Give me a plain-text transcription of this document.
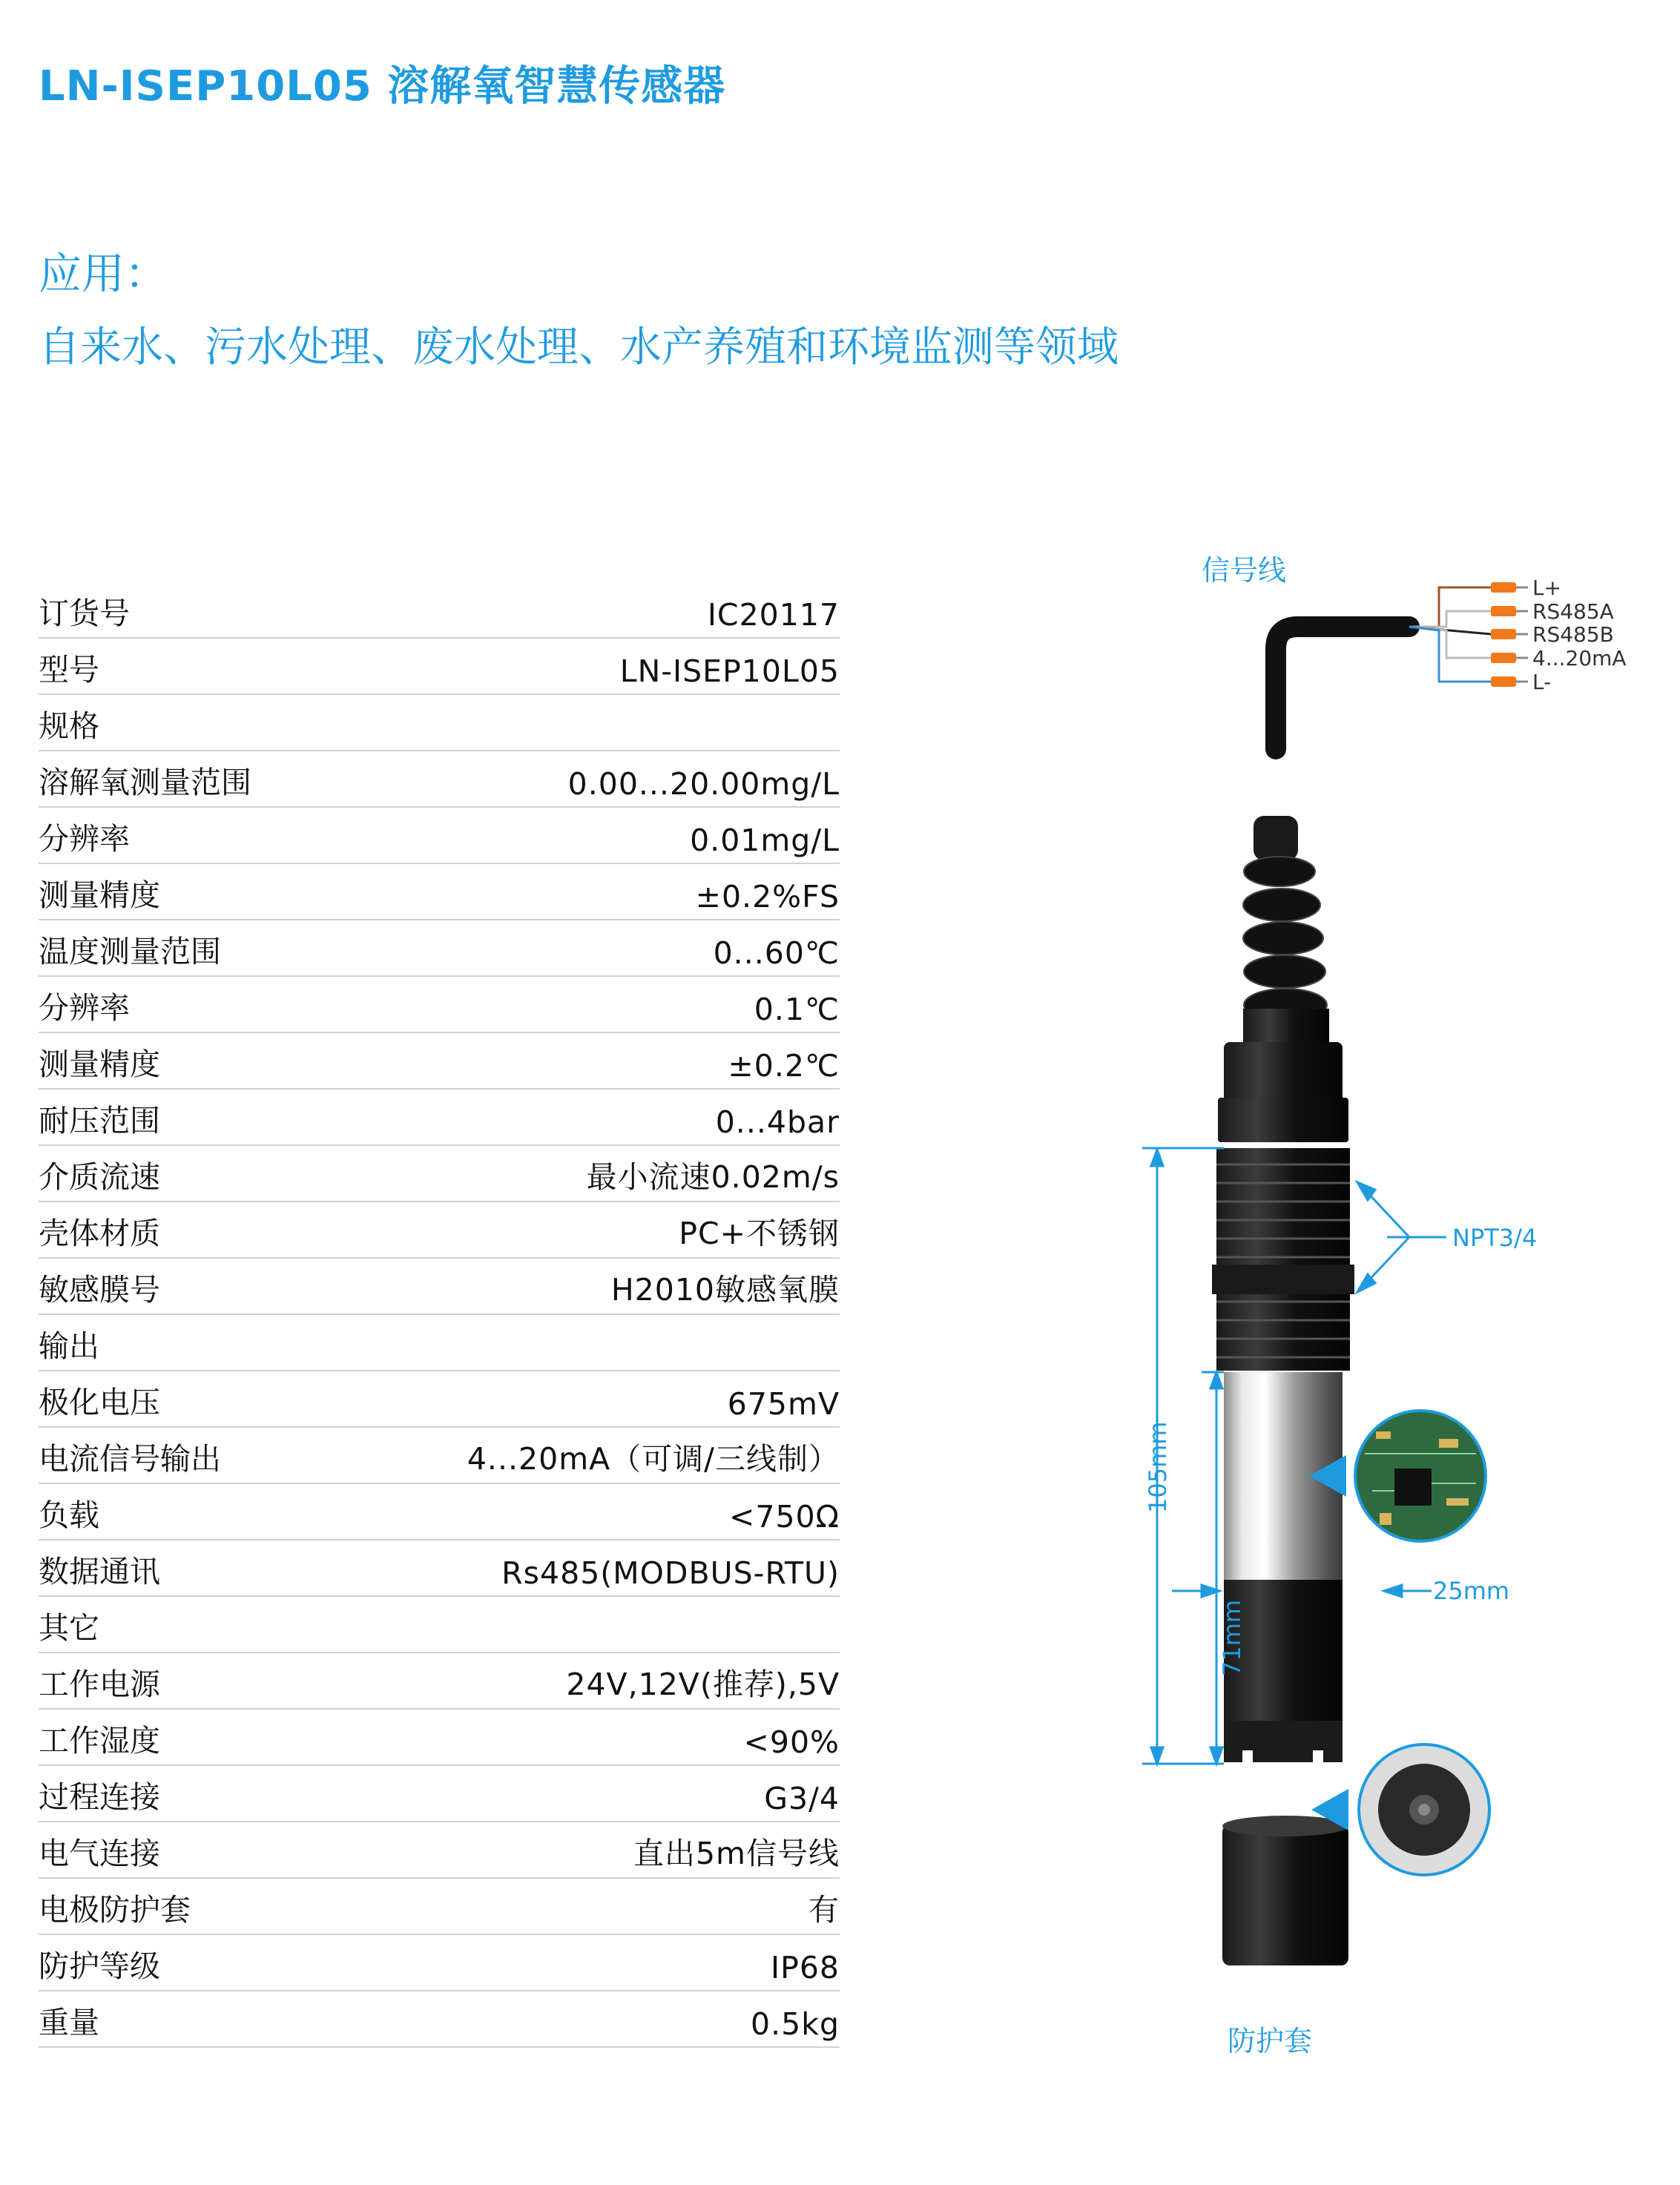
LN-ISEP10L05 溶解氧智慧传感器
应用：
自来水、污水处理、废水处理、水产养殖和环境监测等领域
订货号	IC20117
型号	LN-ISEP10L05
规格
溶解氧测量范围	0.00...20.00mg/L
分辨率	0.01mg/L
测量精度	±0.2%FS
温度测量范围	0...60℃
分辨率	0.1℃
测量精度	±0.2℃
耐压范围	0...4bar
介质流速	最小流速0.02m/s
壳体材质	PC+不锈钢
敏感膜号	H2010敏感氧膜
输出
极化电压	675mV
电流信号输出	4...20mA（可调/三线制）
负载	<750Ω
数据通讯	Rs485(MODBUS-RTU)
其它
工作电源	24V,12V(推荐),5V
工作湿度	<90%
过程连接	G3/4
电气连接	直出5m信号线
电极防护套	有
防护等级	IP68
重量	0.5kg
信号线
L+
RS485A
RS485B
4...20mA
L-
防护套
105mm
71mm
25mm
NPT3/4
